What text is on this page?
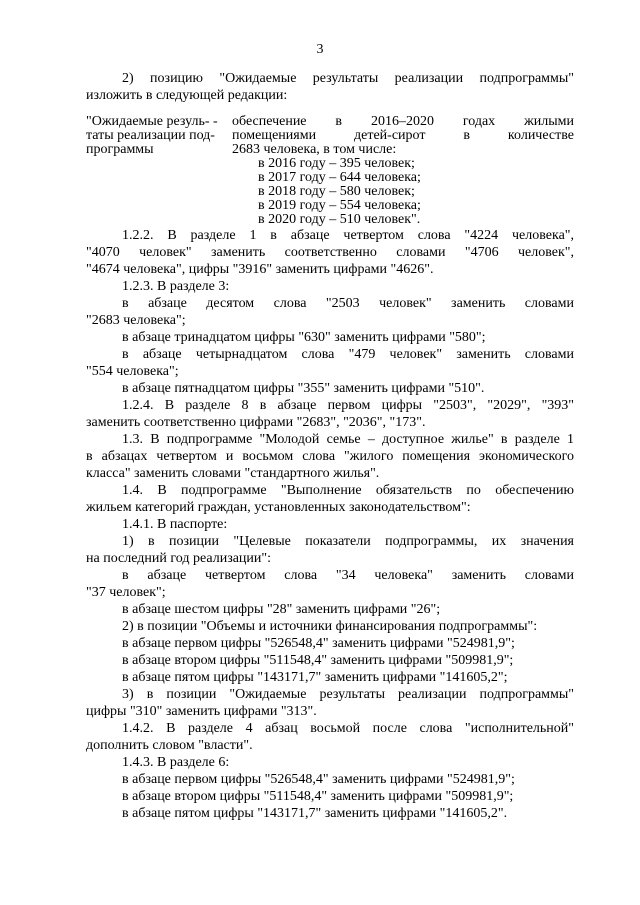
3
2) позицию "Ожидаемые результаты реализации подпрограммы"
изложить в следующей редакции:
"Ожидаемые резуль- -
таты реализации под-
программы
обеспечение в 2016–2020 годах жилыми
помещениями детей-сирот в количестве
2683 человека, в том числе:
в 2016 году – 395 человек;
в 2017 году – 644 человека;
в 2018 году – 580 человек;
в 2019 году – 554 человека;
в 2020 году – 510 человек".
1.2.2. В разделе 1 в абзаце четвертом слова "4224 человека",
"4070 человек" заменить соответственно словами "4706 человек",
"4674 человека", цифры "3916" заменить цифрами "4626".
1.2.3. В разделе 3:
в абзаце десятом слова "2503 человек" заменить словами
"2683 человека";
в абзаце тринадцатом цифры "630" заменить цифрами "580";
в абзаце четырнадцатом слова "479 человек" заменить словами
"554 человека";
в абзаце пятнадцатом цифры "355" заменить цифрами "510".
1.2.4. В разделе 8 в абзаце первом цифры "2503", "2029", "393"
заменить соответственно цифрами "2683", "2036", "173".
1.3. В подпрограмме "Молодой семье – доступное жилье" в разделе 1
в абзацах четвертом и восьмом слова "жилого помещения экономического
класса" заменить словами "стандартного жилья".
1.4. В подпрограмме "Выполнение обязательств по обеспечению
жильем категорий граждан, установленных законодательством":
1.4.1. В паспорте:
1) в позиции "Целевые показатели подпрограммы, их значения
на последний год реализации":
в абзаце четвертом слова "34 человека" заменить словами
"37 человек";
в абзаце шестом цифры "28" заменить цифрами "26";
2) в позиции "Объемы и источники финансирования подпрограммы":
в абзаце первом цифры "526548,4" заменить цифрами "524981,9";
в абзаце втором цифры "511548,4" заменить цифрами "509981,9";
в абзаце пятом цифры "143171,7" заменить цифрами "141605,2";
3) в позиции "Ожидаемые результаты реализации подпрограммы"
цифры "310" заменить цифрами "313".
1.4.2. В разделе 4 абзац восьмой после слова "исполнительной"
дополнить словом "власти".
1.4.3. В разделе 6:
в абзаце первом цифры "526548,4" заменить цифрами "524981,9";
в абзаце втором цифры "511548,4" заменить цифрами "509981,9";
в абзаце пятом цифры "143171,7" заменить цифрами "141605,2".
